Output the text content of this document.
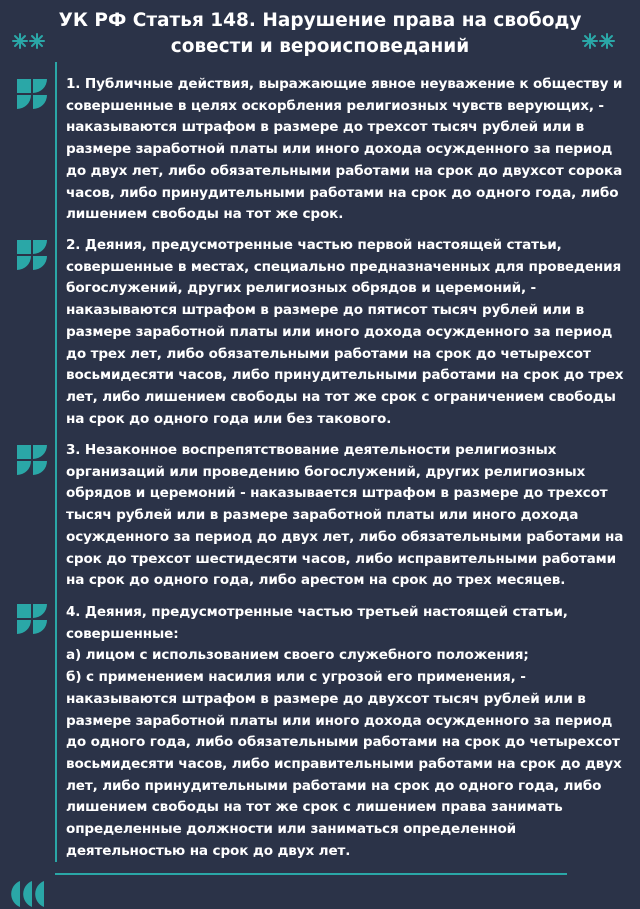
УК РФ Статья 148. Нарушение права на свободу
совести и вероисповеданий
1. Публичные действия, выражающие явное неуважение к обществу и
совершенные в целях оскорбления религиозных чувств верующих, -
наказываются штрафом в размере до трехсот тысяч рублей или в
размере заработной платы или иного дохода осужденного за период
до двух лет, либо обязательными работами на срок до двухсот сорока
часов, либо принудительными работами на срок до одного года, либо
лишением свободы на тот же срок.
2. Деяния, предусмотренные частью первой настоящей статьи,
совершенные в местах, специально предназначенных для проведения
богослужений, других религиозных обрядов и церемоний, -
наказываются штрафом в размере до пятисот тысяч рублей или в
размере заработной платы или иного дохода осужденного за период
до трех лет, либо обязательными работами на срок до четырехсот
восьмидесяти часов, либо принудительными работами на срок до трех
лет, либо лишением свободы на тот же срок с ограничением свободы
на срок до одного года или без такового.
3. Незаконное воспрепятствование деятельности религиозных
организаций или проведению богослужений, других религиозных
обрядов и церемоний - наказывается штрафом в размере до трехсот
тысяч рублей или в размере заработной платы или иного дохода
осужденного за период до двух лет, либо обязательными работами на
срок до трехсот шестидесяти часов, либо исправительными работами
на срок до одного года, либо арестом на срок до трех месяцев.
4. Деяния, предусмотренные частью третьей настоящей статьи,
совершенные:
а) лицом с использованием своего служебного положения;
б) с применением насилия или с угрозой его применения, -
наказываются штрафом в размере до двухсот тысяч рублей или в
размере заработной платы или иного дохода осужденного за период
до одного года, либо обязательными работами на срок до четырехсот
восьмидесяти часов, либо исправительными работами на срок до двух
лет, либо принудительными работами на срок до одного года, либо
лишением свободы на тот же срок с лишением права занимать
определенные должности или заниматься определенной
деятельностью на срок до двух лет.
